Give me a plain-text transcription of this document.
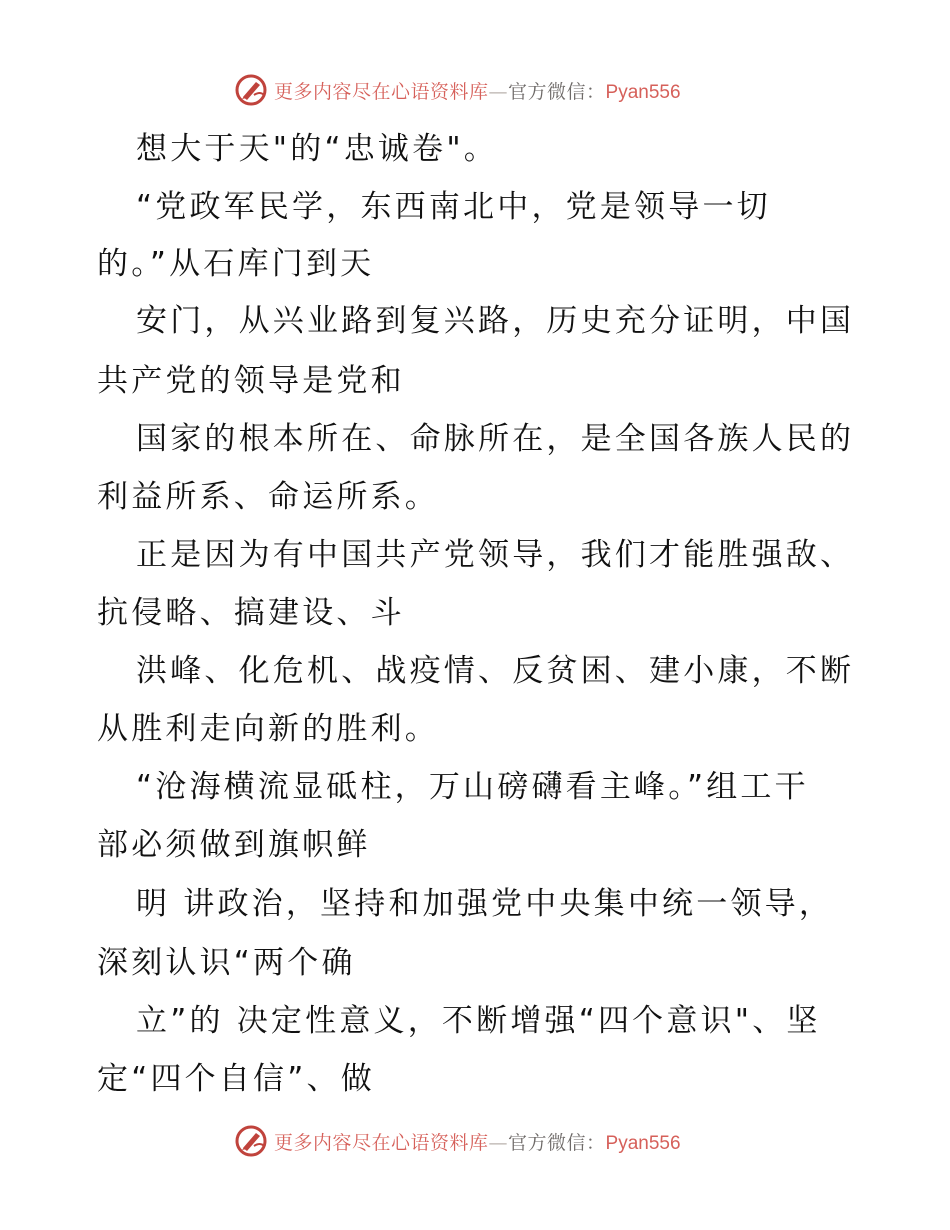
更多内容尽在心语资料库—官方微信：Pyan556
想大于天"的“忠诚卷"。
“党政军民学，东西南北中，党是领导一切
的。”从石库门到天
安门，从兴业路到复兴路，历史充分证明，中国
共产党的领导是党和
国家的根本所在、命脉所在，是全国各族人民的
利益所系、命运所系。
正是因为有中国共产党领导，我们才能胜强敌、
抗侵略、搞建设、斗
洪峰、化危机、战疫情、反贫困、建小康，不断
从胜利走向新的胜利。
“沧海横流显砥柱，万山磅礴看主峰。”组工干
部必须做到旗帜鲜
明 讲政治，坚持和加强党中央集中统一领导，
深刻认识“两个确
立”的 决定性意义，不断增强“四个意识"、坚
定“四个自信”、做
更多内容尽在心语资料库—官方微信：Pyan556
